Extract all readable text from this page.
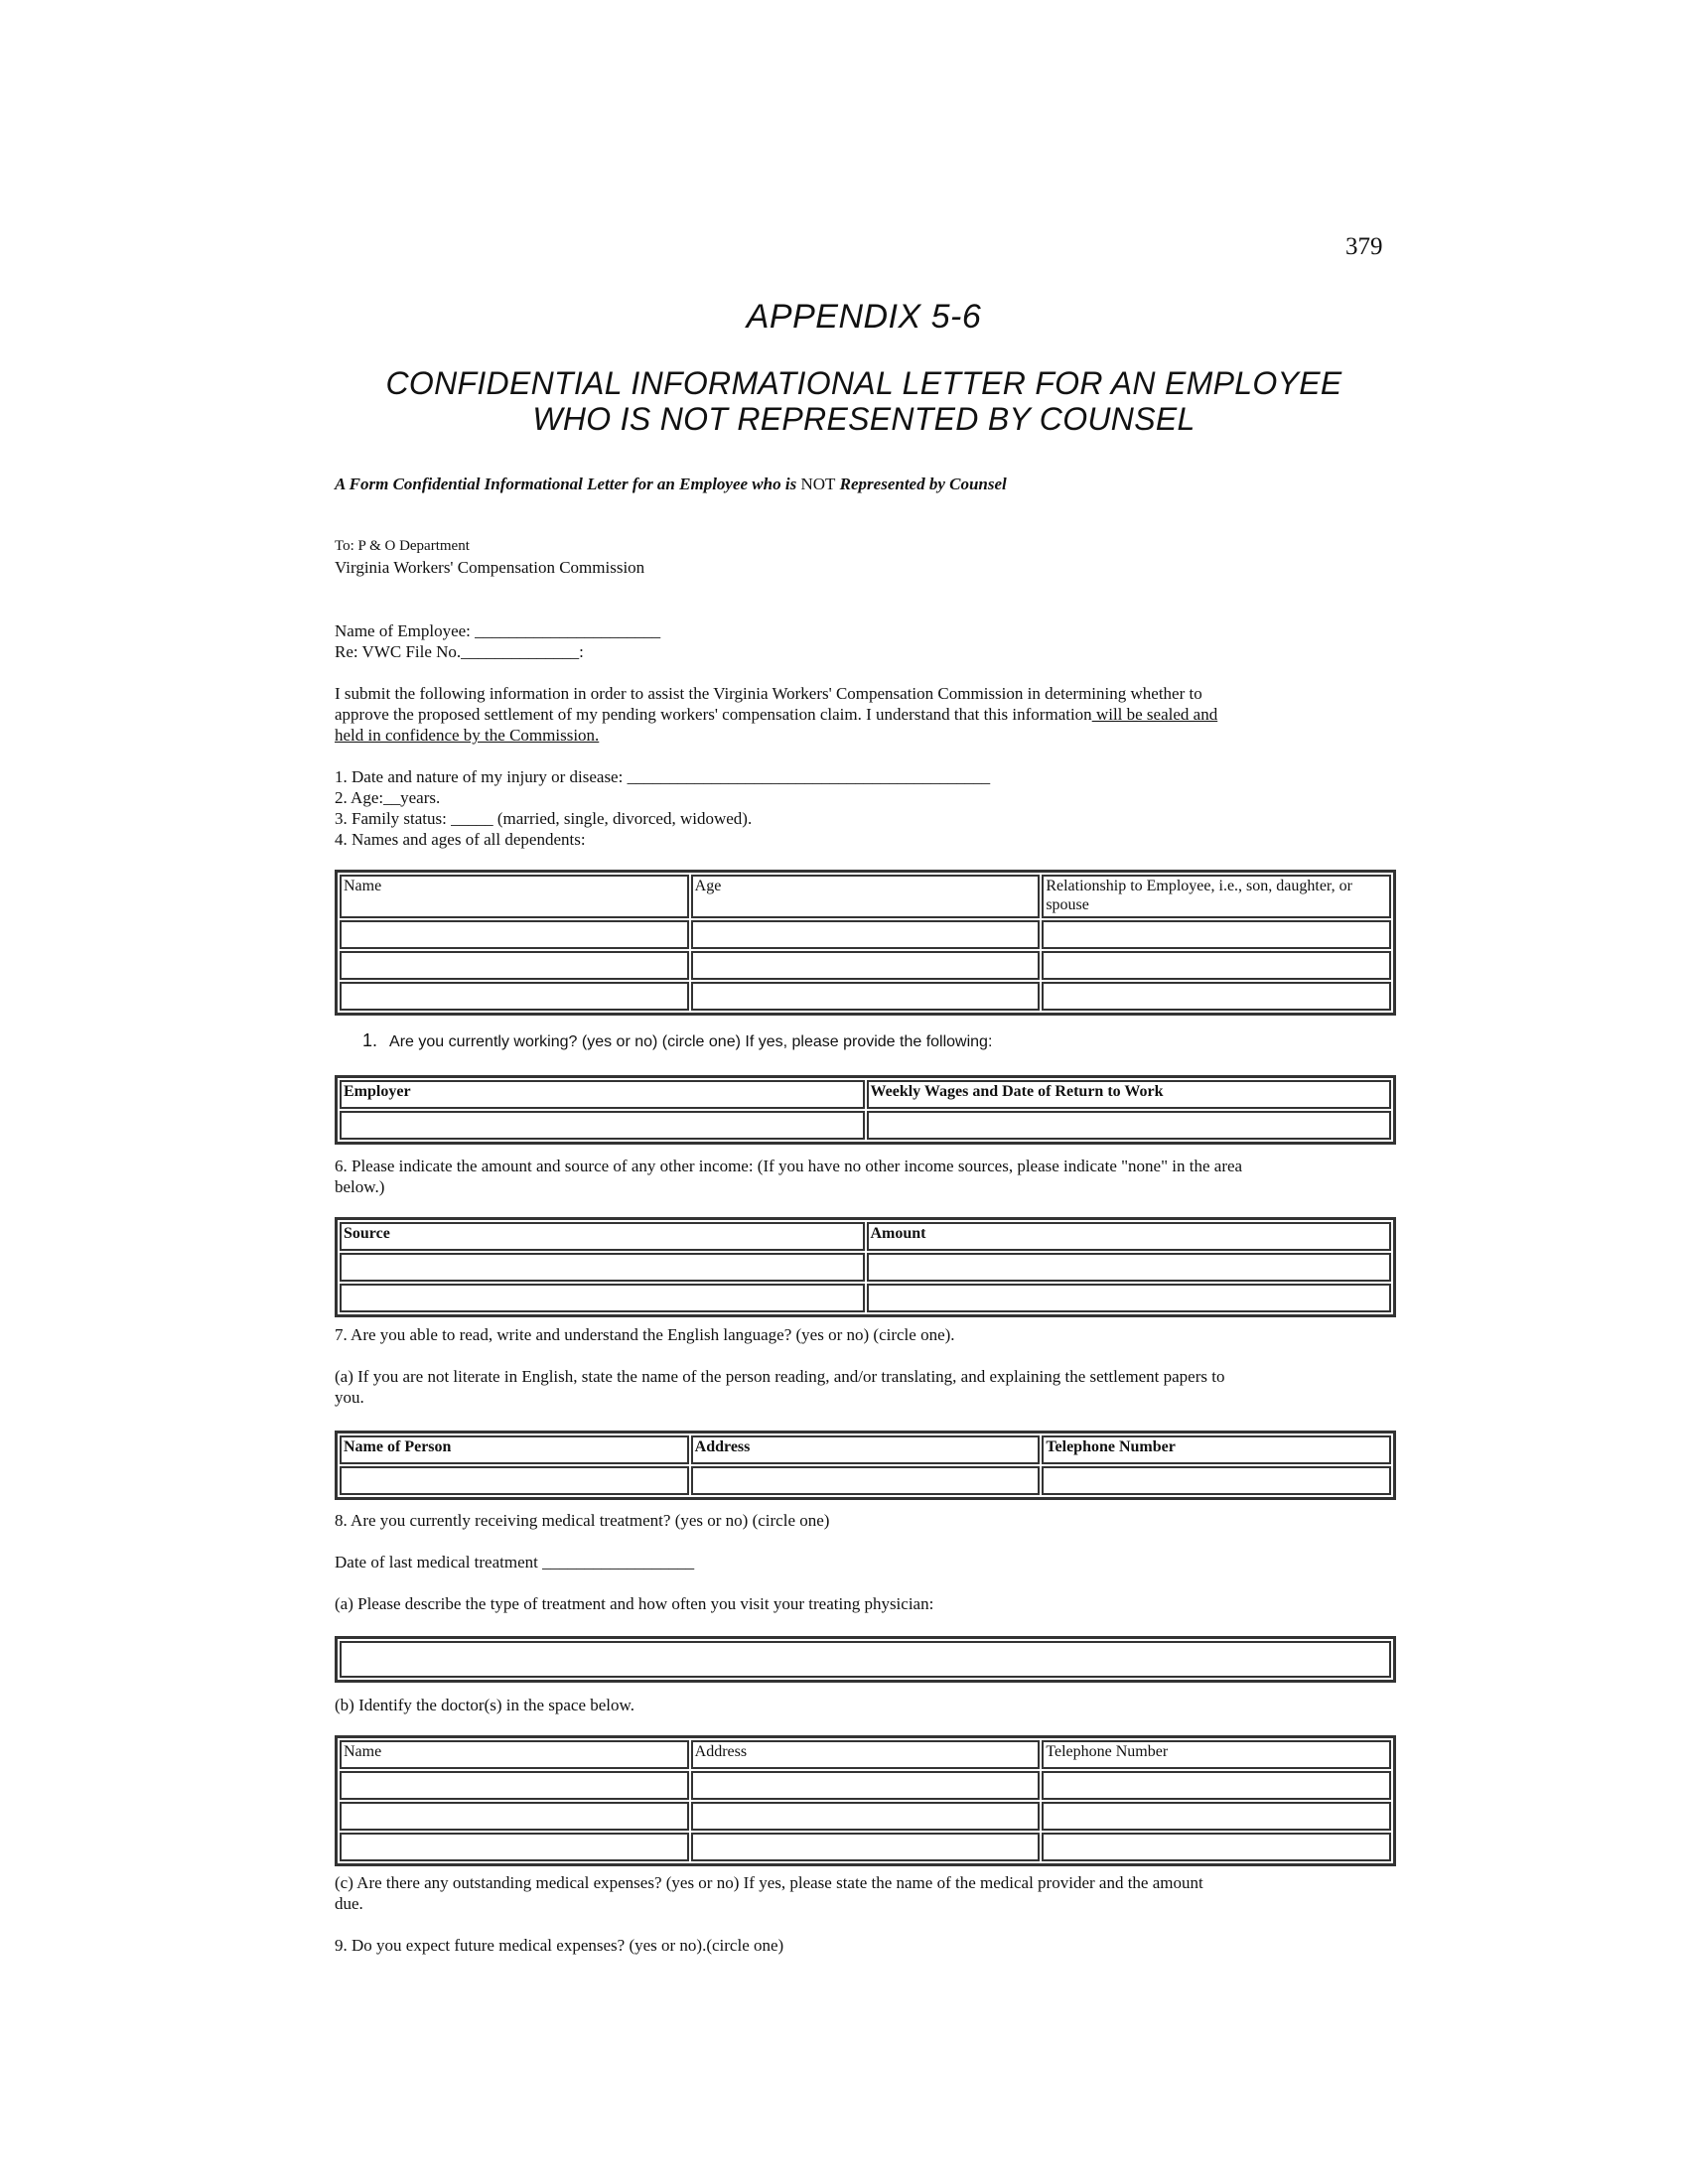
379
APPENDIX 5-6
CONFIDENTIAL INFORMATIONAL LETTER FOR AN EMPLOYEE
WHO IS NOT REPRESENTED BY COUNSEL
A Form Confidential Informational Letter for an Employee who is NOT Represented by Counsel
To: P & O Department
Virginia Workers' Compensation Commission
Name of Employee: ______________________
Re: VWC File No.______________:
I submit the following information in order to assist the Virginia Workers' Compensation Commission in determining whether to
approve the proposed settlement of my pending workers' compensation claim. I understand that this information will be sealed and
held in confidence by the Commission.
1. Date and nature of my injury or disease: ___________________________________________
2. Age:__years.
3. Family status: _____ (married, single, divorced, widowed).
4. Names and ages of all dependents:
Name	Age	Relationship to Employee, i.e., son, daughter, or spouse

1. Are you currently working? (yes or no) (circle one) If yes, please provide the following:
Employer	Weekly Wages and Date of Return to Work

6. Please indicate the amount and source of any other income: (If you have no other income sources, please indicate "none" in the area
below.)
Source	Amount

7. Are you able to read, write and understand the English language? (yes or no) (circle one).
(a) If you are not literate in English, state the name of the person reading, and/or translating, and explaining the settlement papers to
you.
Name of Person	Address	Telephone Number

8. Are you currently receiving medical treatment? (yes or no) (circle one)
Date of last medical treatment __________________
(a) Please describe the type of treatment and how often you visit your treating physician:
(b) Identify the doctor(s) in the space below.
Name	Address	Telephone Number

(c) Are there any outstanding medical expenses? (yes or no) If yes, please state the name of the medical provider and the amount
due.
9. Do you expect future medical expenses? (yes or no).(circle one)
